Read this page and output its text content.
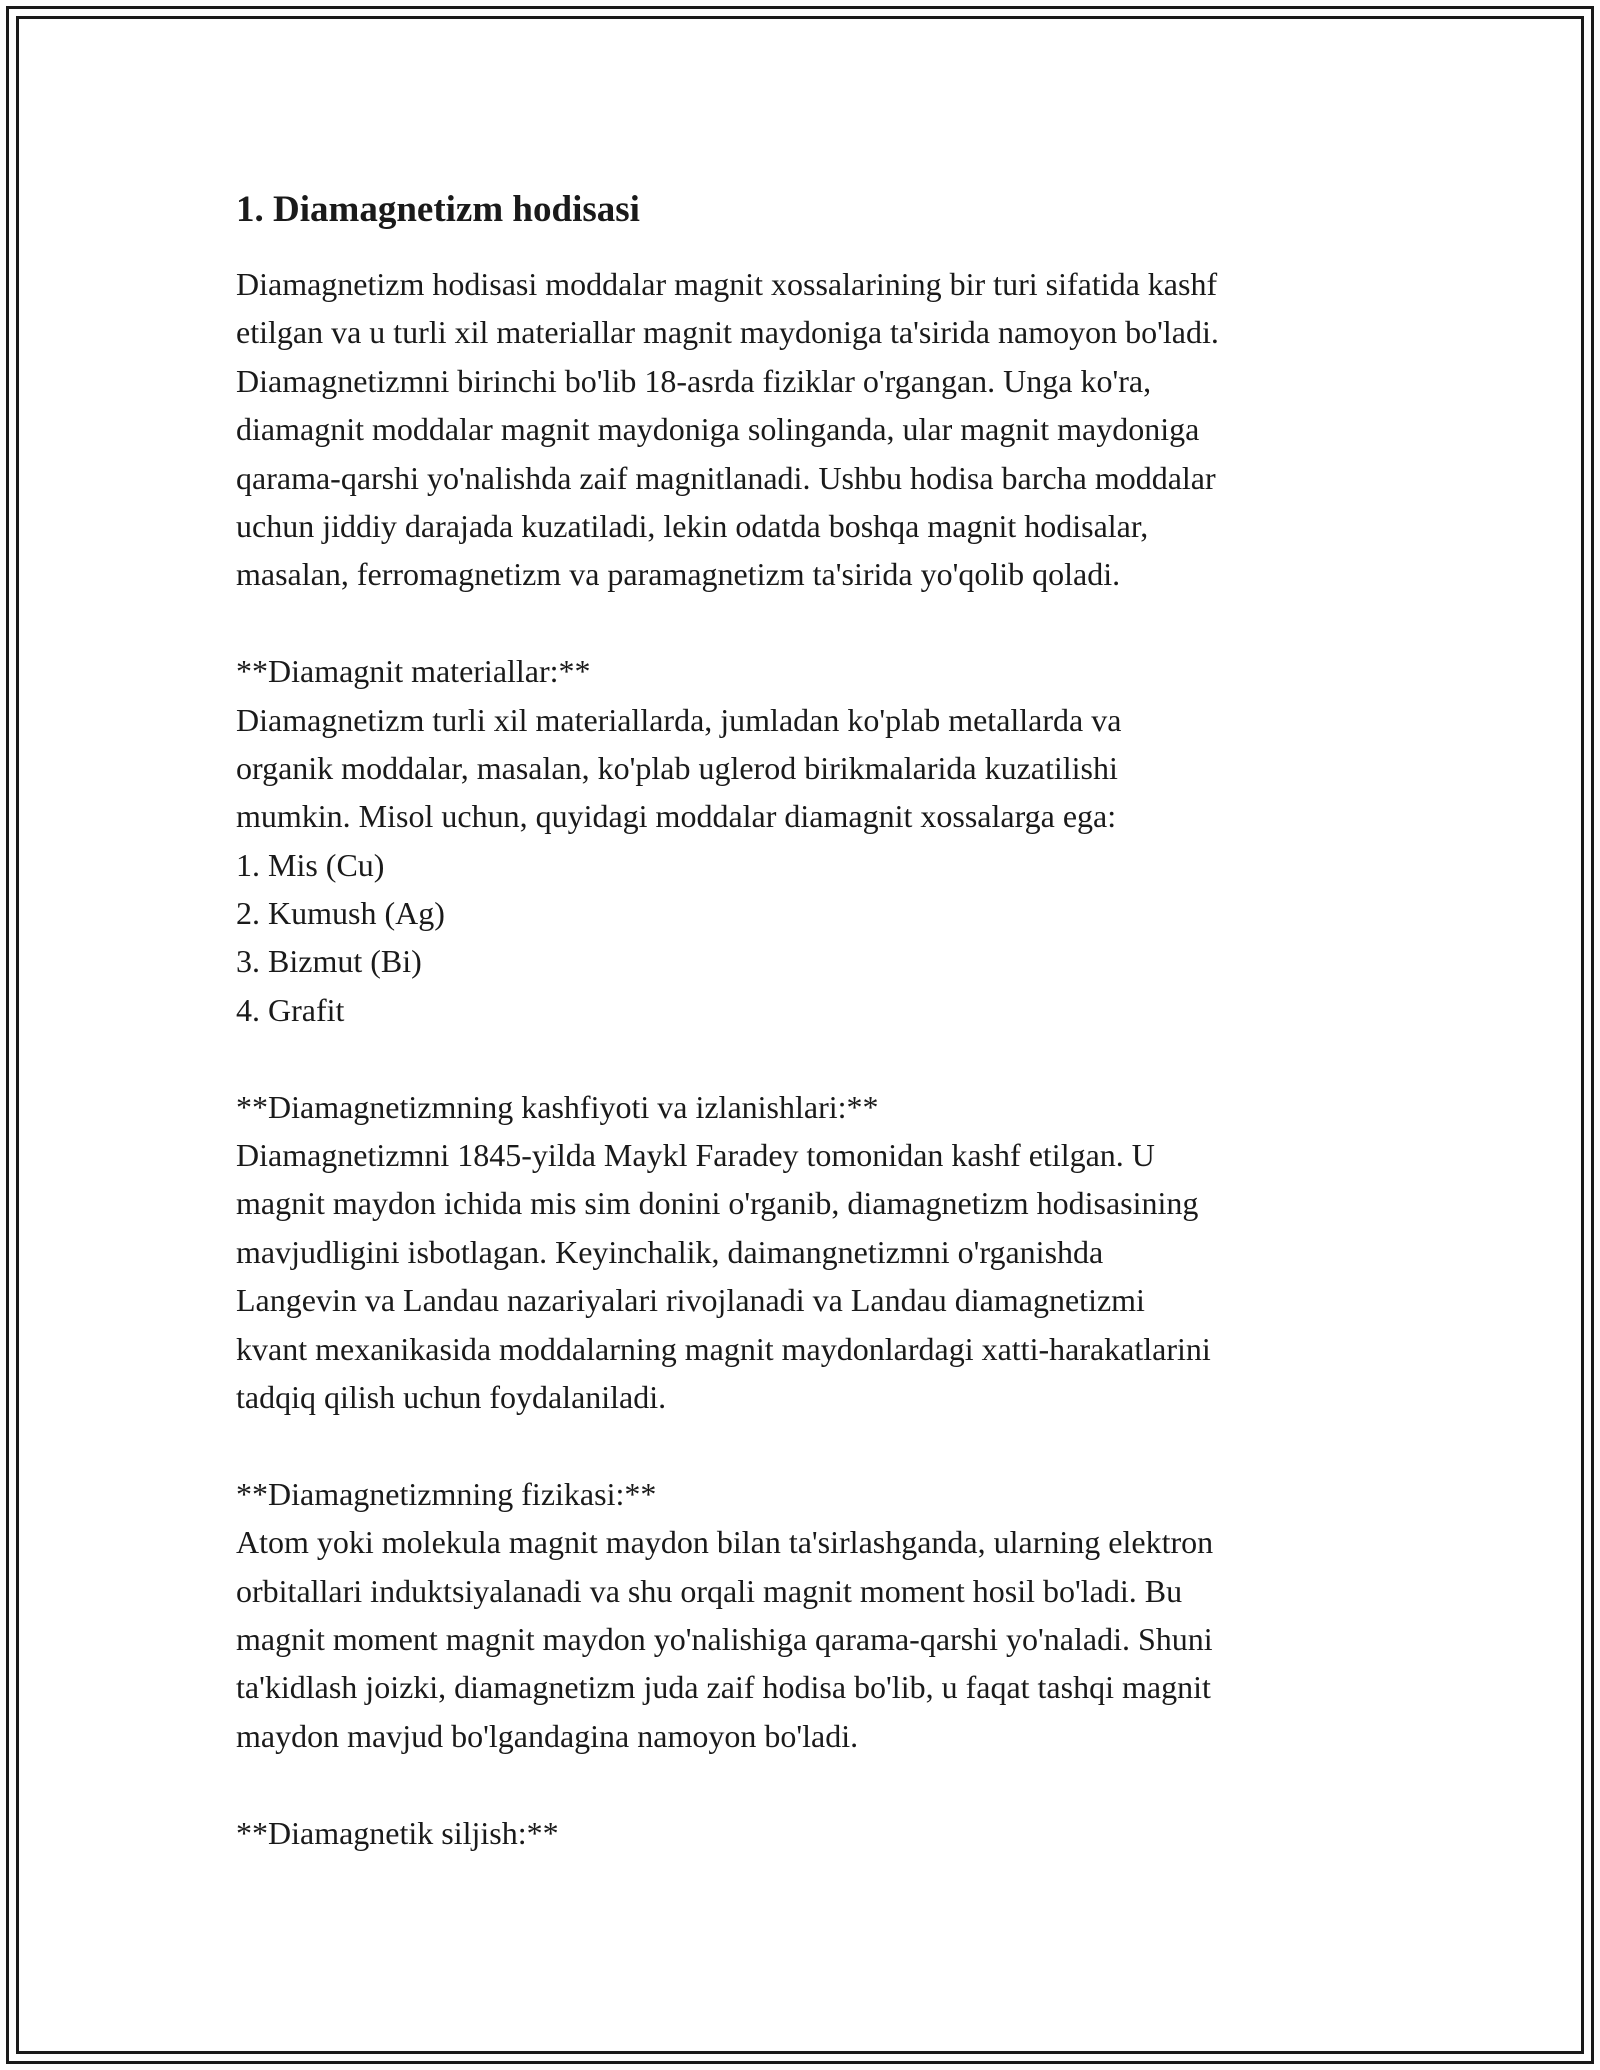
1. Diamagnetizm hodisasi
Diamagnetizm hodisasi moddalar magnit xossalarining bir turi sifatida kashf
etilgan va u turli xil materiallar magnit maydoniga ta'sirida namoyon bo'ladi.
Diamagnetizmni birinchi bo'lib 18-asrda fiziklar o'rgangan. Unga ko'ra,
diamagnit moddalar magnit maydoniga solinganda, ular magnit maydoniga
qarama-qarshi yo'nalishda zaif magnitlanadi. Ushbu hodisa barcha moddalar
uchun jiddiy darajada kuzatiladi, lekin odatda boshqa magnit hodisalar,
masalan, ferromagnetizm va paramagnetizm ta'sirida yo'qolib qoladi.
**Diamagnit materiallar:**
Diamagnetizm turli xil materiallarda, jumladan ko'plab metallarda va
organik moddalar, masalan, ko'plab uglerod birikmalarida kuzatilishi
mumkin. Misol uchun, quyidagi moddalar diamagnit xossalarga ega:
1. Mis (Cu)
2. Kumush (Ag)
3. Bizmut (Bi)
4. Grafit
**Diamagnetizmning kashfiyoti va izlanishlari:**
Diamagnetizmni 1845-yilda Maykl Faradey tomonidan kashf etilgan. U
magnit maydon ichida mis sim donini o'rganib, diamagnetizm hodisasining
mavjudligini isbotlagan. Keyinchalik, daimangnetizmni o'rganishda
Langevin va Landau nazariyalari rivojlanadi va Landau diamagnetizmi
kvant mexanikasida moddalarning magnit maydonlardagi xatti-harakatlarini
tadqiq qilish uchun foydalaniladi.
**Diamagnetizmning fizikasi:**
Atom yoki molekula magnit maydon bilan ta'sirlashganda, ularning elektron
orbitallari induktsiyalanadi va shu orqali magnit moment hosil bo'ladi. Bu
magnit moment magnit maydon yo'nalishiga qarama-qarshi yo'naladi. Shuni
ta'kidlash joizki, diamagnetizm juda zaif hodisa bo'lib, u faqat tashqi magnit
maydon mavjud bo'lgandagina namoyon bo'ladi.
**Diamagnetik siljish:**
